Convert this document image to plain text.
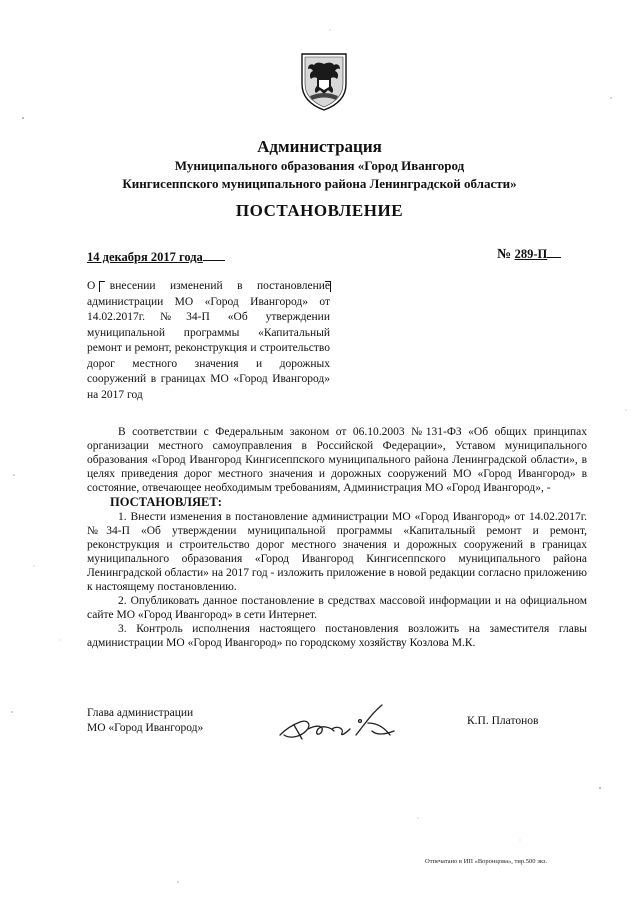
Администрация
Муниципального образования «Город Ивангород
Кингисеппского муниципального района Ленинградской области»
ПОСТАНОВЛЕНИЕ
14 декабря 2017 года	№ 289-П
О внесении изменений в постановление администрации МО «Город Ивангород» от 14.02.2017г.№34-П «Об утверждении муниципальной программы «Капитальный ремонт и ремонт, реконструкция и строительство дорог местного значения и дорожных сооружений в границах МО «Город Ивангород» на 2017 год

В соответствии с Федеральным законом от 06.10.2003 №131-ФЗ «Об общих принципах организации местного самоуправления в Российской Федерации», Уставом муниципального образования «Город Ивангород Кингисеппского муниципального района Ленинградской области», в целях приведения дорог местного значения и дорожных сооружений МО «Город Ивангород» в состояние, отвечающее необходимым требованиям, Администрация МО «Город Ивангород», -

ПОСТАНОВЛЯЕТ:

1. Внести изменения в постановление администрации МО «Город Ивангород» от 14.02.2017г. №34-П «Об утверждении муниципальной программы «Капитальный ремонт и ремонт, реконструкция и строительство дорог местного значения и дорожных сооружений в границах муниципального образования «Город Ивангород Кингисеппского муниципального района Ленинградской области» на 2017 год - изложить приложение в новой редакции согласно приложению к настоящему постановлению.

2. Опубликовать данное постановление в средствах массовой информации и на официальном сайте МО «Город Ивангород» в сети Интернет.

3. Контроль исполнения настоящего постановления возложить на заместителя главы администрации МО «Город Ивангород» по городскому хозяйству Козлова М.К.

Глава администрации
МО «Город Ивангород»
К.П. Платонов
Отпечатано в ИП «Воронцова», тир.500 экз.
